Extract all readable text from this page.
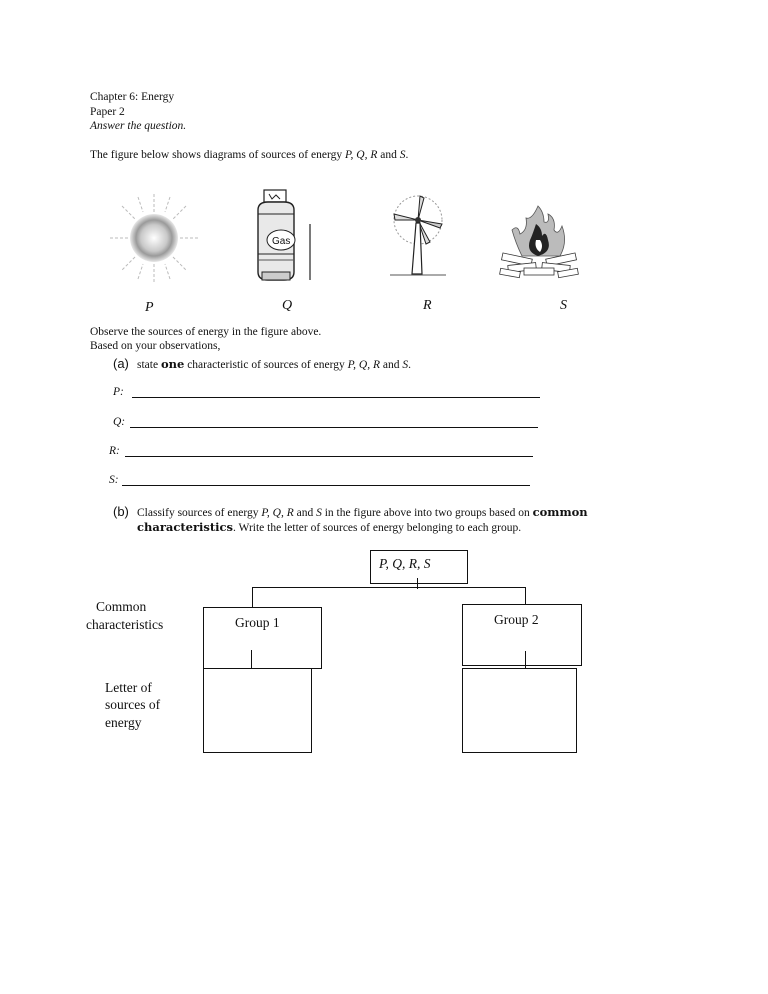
Chapter 6: Energy
Paper 2
Answer the question.
The figure below shows diagrams of sources of energy P, Q, R and S.
Gas
P	Q	R	S
Observe the sources of energy in the figure above.
Based on your observations,
(a) state one characteristic of sources of energy P, Q, R and S.
P:
Q:
R:
S:
(b) Classify sources of energy P, Q, R and S in the figure above into two groups based on common
characteristics. Write the letter of sources of energy belonging to each group.
P, Q, R, S
Group 1	Group 2
Common
characteristics
Letter of
sources of
energy
